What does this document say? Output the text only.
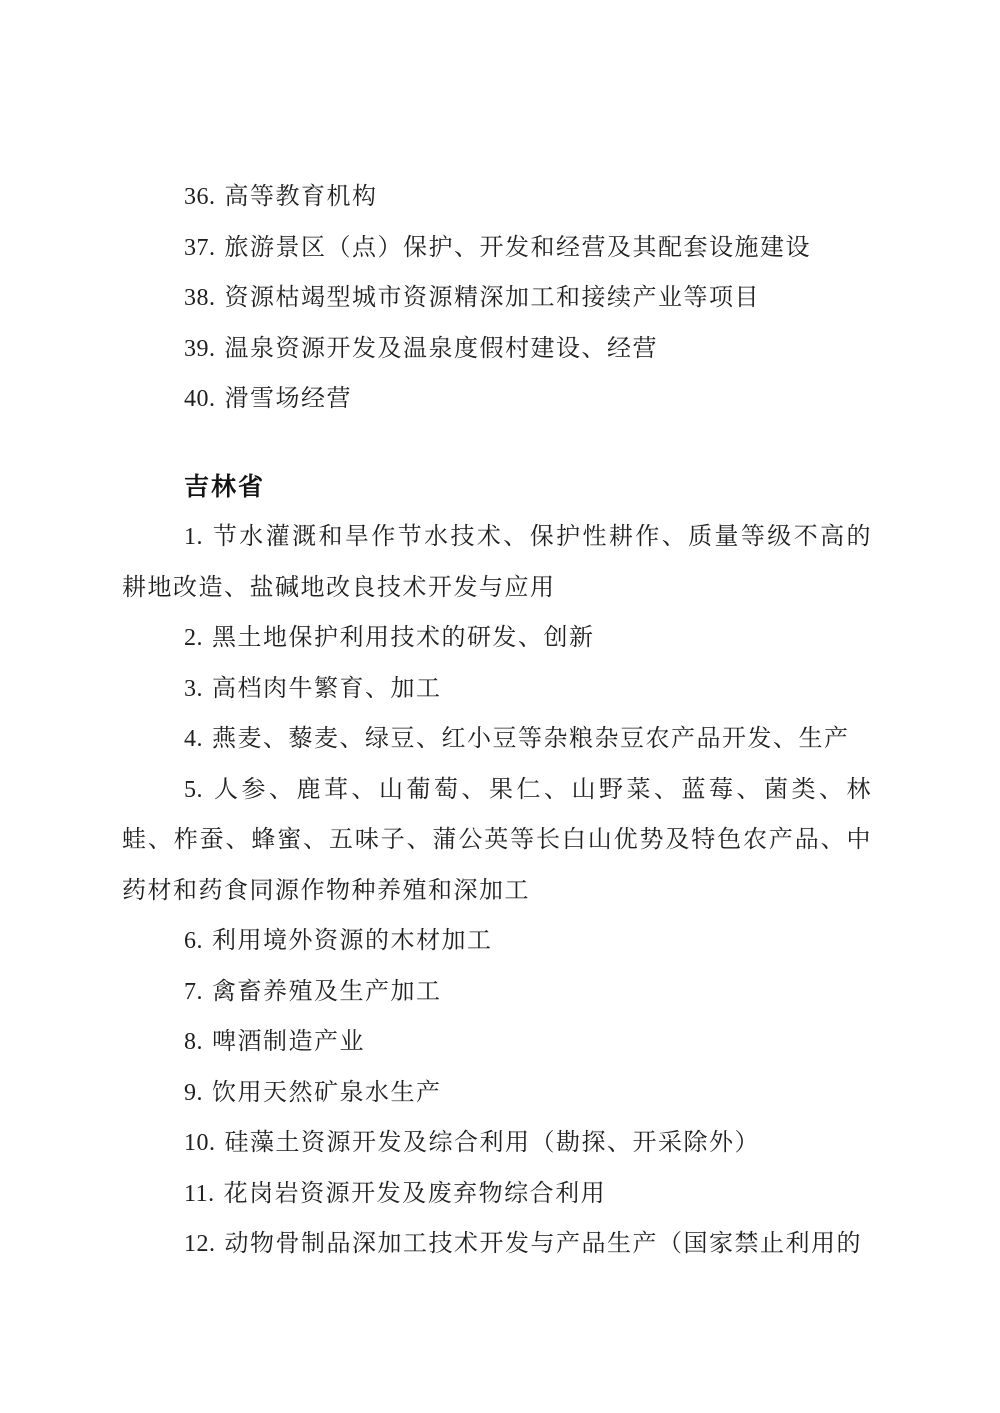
36. 高等教育机构

37. 旅游景区（点）保护、开发和经营及其配套设施建设

38. 资源枯竭型城市资源精深加工和接续产业等项目

39. 温泉资源开发及温泉度假村建设、经营

40. 滑雪场经营

吉林省

1. 节水灌溉和旱作节水技术、保护性耕作、质量等级不高的耕地改造、盐碱地改良技术开发与应用

2. 黑土地保护利用技术的研发、创新

3. 高档肉牛繁育、加工

4. 燕麦、藜麦、绿豆、红小豆等杂粮杂豆农产品开发、生产

5. 人参、鹿茸、山葡萄、果仁、山野菜、蓝莓、菌类、林蛙、柞蚕、蜂蜜、五味子、蒲公英等长白山优势及特色农产品、中药材和药食同源作物种养殖和深加工

6. 利用境外资源的木材加工

7. 禽畜养殖及生产加工

8. 啤酒制造产业

9. 饮用天然矿泉水生产

10. 硅藻土资源开发及综合利用（勘探、开采除外）

11. 花岗岩资源开发及废弃物综合利用

12. 动物骨制品深加工技术开发与产品生产（国家禁止利用的
